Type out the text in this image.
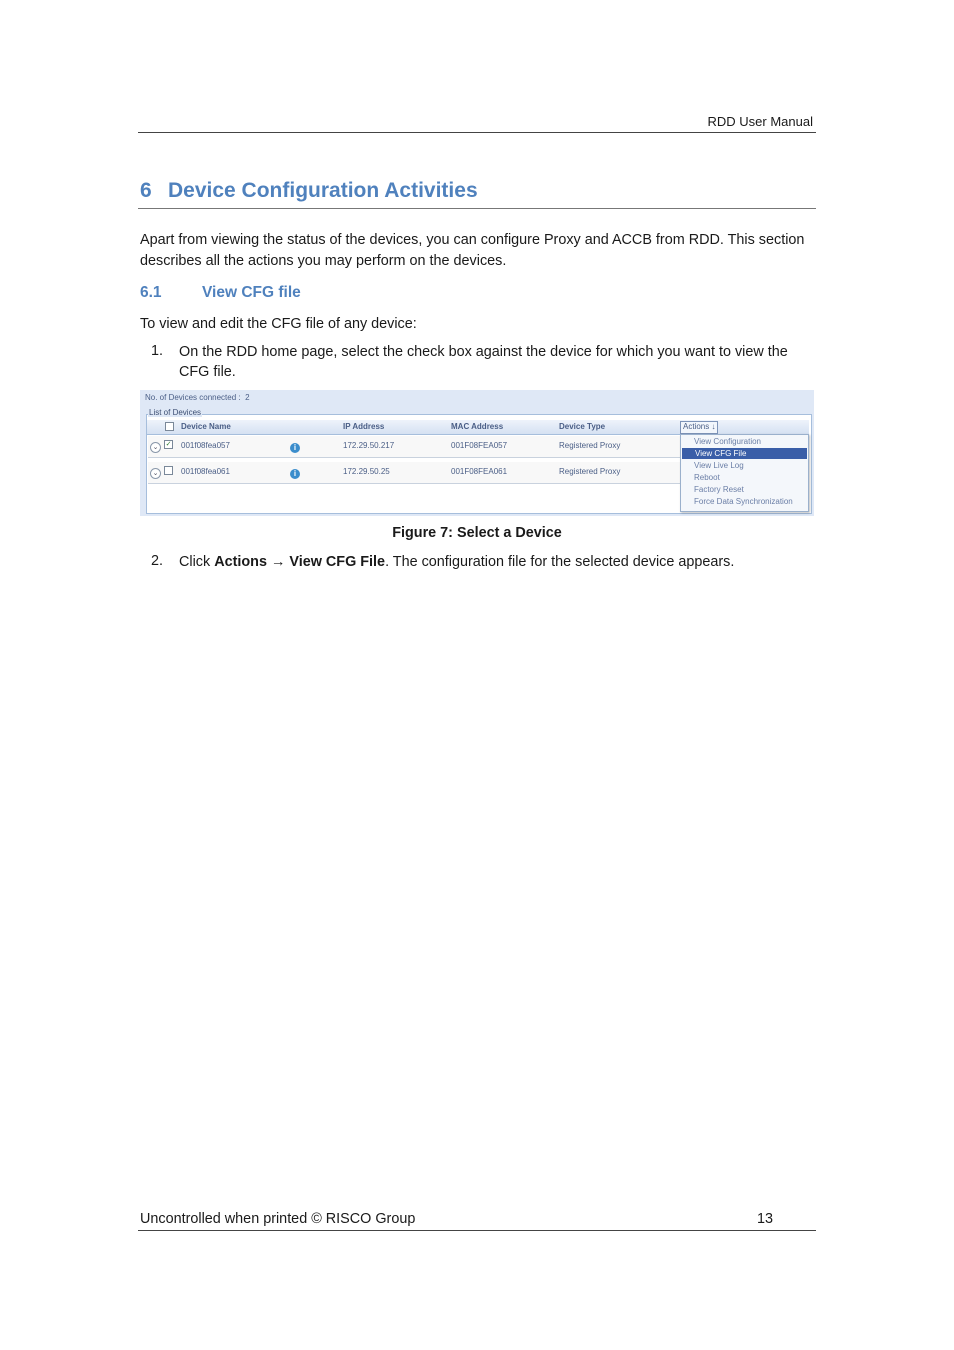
RDD User Manual
6 Device Configuration Activities
Apart from viewing the status of the devices, you can configure Proxy and ACCB from RDD. This section describes all the actions you may perform on the devices.
6.1	View CFG file
To view and edit the CFG file of any device:
1. On the RDD home page, select the check box against the device for which you want to view the CFG file.
No. of Devices connected : 2
List of Devices
Device Name	IP Address	MAC Address	Device Type	Actions ↓
⌄	✓ 001f08fea057	i	172.29.50.217	001F08FEA057	Registered Proxy
⌄	001f08fea061	i	172.29.50.25	001F08FEA061	Registered Proxy
View Configuration
View CFG File
View Live Log
Reboot
Factory Reset
Force Data Synchronization
Figure 7: Select a Device
2. Click Actions → View CFG File. The configuration file for the selected device appears.
Uncontrolled when printed © RISCO Group	13
